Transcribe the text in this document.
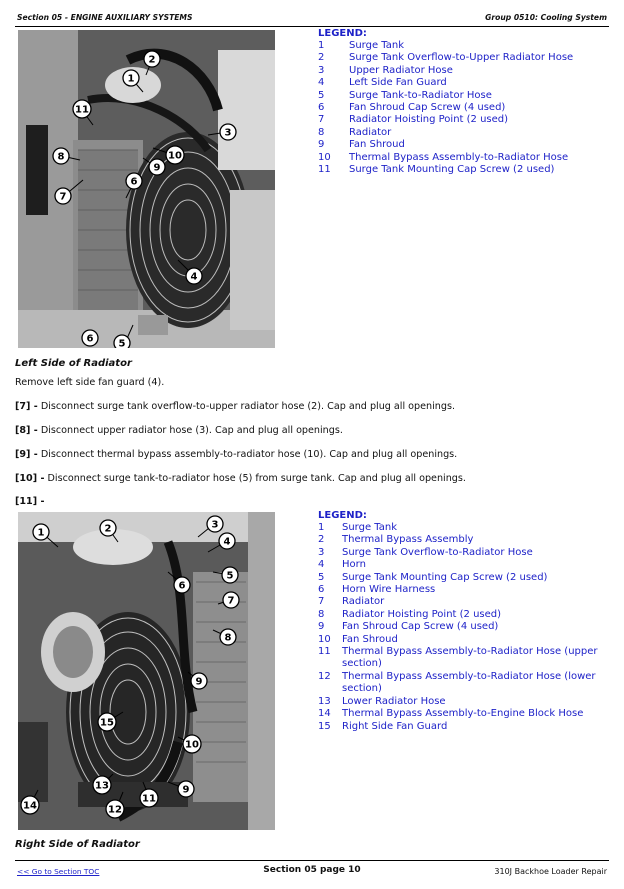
Section 05 - ENGINE AUXILIARY SYSTEMS	Group 0510: Cooling System
1
2
3
4
5
6
6
7
8
9
10
11
LEGEND:
1	Surge Tank
2	Surge Tank Overflow-to-Upper Radiator Hose
3	Upper Radiator Hose
4	Left Side Fan Guard
5	Surge Tank-to-Radiator Hose
6	Fan Shroud Cap Screw (4 used)
7	Radiator Hoisting Point (2 used)
8	Radiator
9	Fan Shroud
10	Thermal Bypass Assembly-to-Radiator Hose
11	Surge Tank Mounting Cap Screw (2 used)
Left Side of Radiator
Remove left side fan guard (4).
[7] - Disconnect surge tank overflow-to-upper radiator hose (2). Cap and plug all openings.
[8] - Disconnect upper radiator hose (3). Cap and plug all openings.
[9] - Disconnect thermal bypass assembly-to-radiator hose (10). Cap and plug all openings.
[10] - Disconnect surge tank-to-radiator hose (5) from surge tank. Cap and plug all openings.
[11] -
1	2	3
4
5
6
7
8
9
9
10
11
12
13
14
15
LEGEND:
1	Surge Tank
2	Thermal Bypass Assembly
3	Surge Tank Overflow-to-Radiator Hose
4	Horn
5	Surge Tank Mounting Cap Screw (2 used)
6	Horn Wire Harness
7	Radiator
8	Radiator Hoisting Point (2 used)
9	Fan Shroud Cap Screw (4 used)
10	Fan Shroud
11	Thermal Bypass Assembly-to-Radiator Hose (upper section)
12	Thermal Bypass Assembly-to-Radiator Hose (lower section)
13	Lower Radiator Hose
14	Thermal Bypass Assembly-to-Engine Block Hose
15	Right Side Fan Guard
Right Side of Radiator
<< Go to Section TOC	Section 05 page 10	310J Backhoe Loader Repair
